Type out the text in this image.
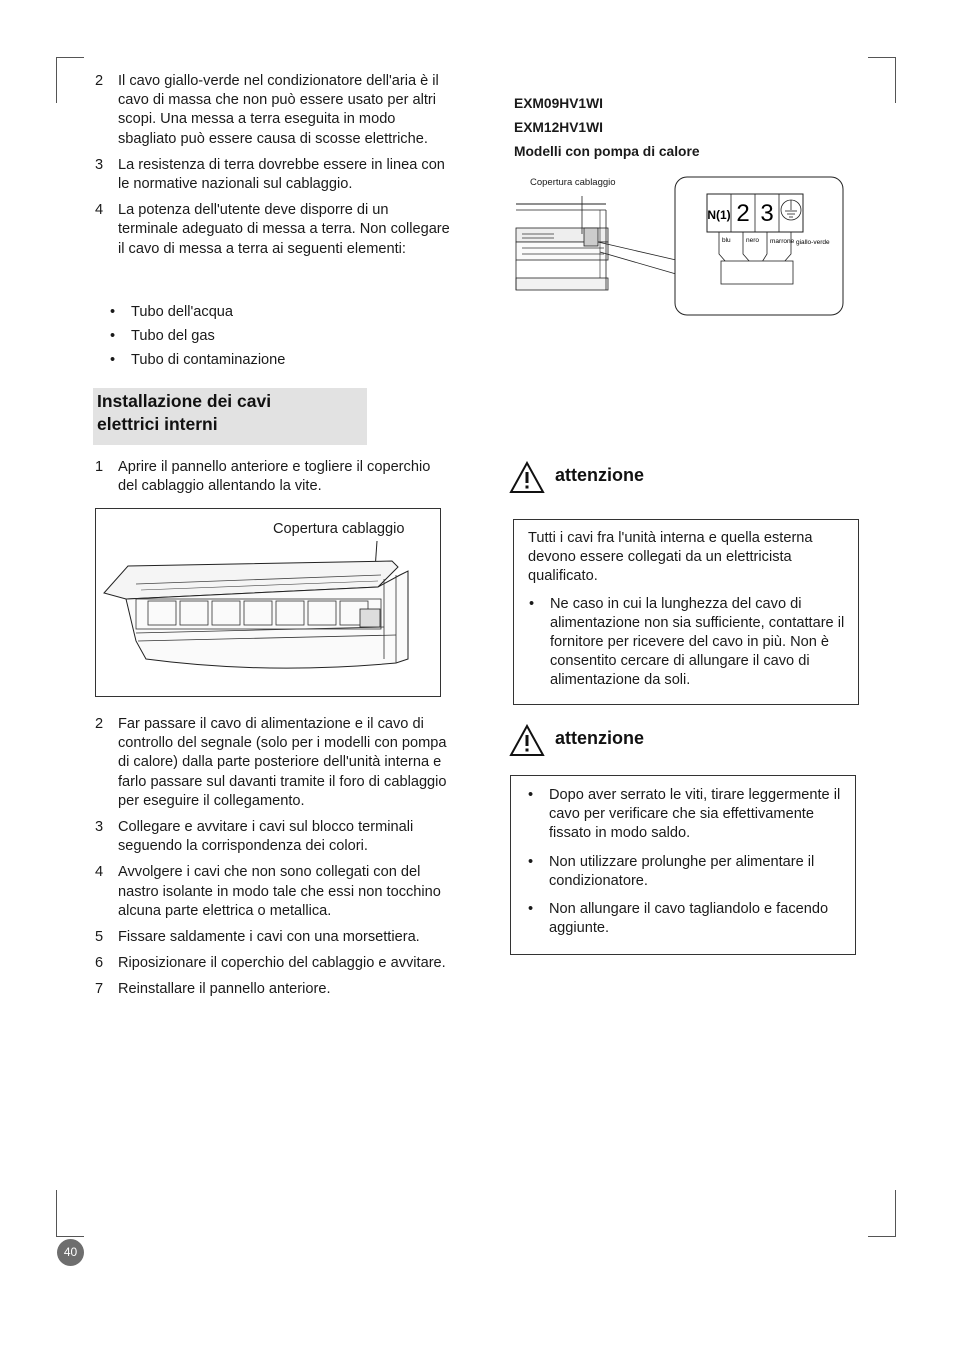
2 Il cavo giallo-verde nel condizionatore dell'aria è il cavo di massa che non può essere usato per altri scopi. Una messa a terra eseguita in modo sbagliato può essere causa di scosse elettriche.
3 La resistenza di terra dovrebbe essere in linea con le normative nazionali sul cablaggio.
4 La potenza dell'utente deve disporre di un terminale adeguato di messa a terra. Non collegare il cavo di messa a terra ai seguenti elementi:
• Tubo dell'acqua
• Tubo del gas
• Tubo di contaminazione
Installazione dei cavi
elettrici interni
1 Aprire il pannello anteriore e togliere il coperchio del cablaggio allentando la vite.
Copertura cablaggio
2 Far passare il cavo di alimentazione e il cavo di controllo del segnale (solo per i modelli con pompa di calore) dalla parte posteriore dell'unità interna e farlo passare sul davanti tramite il foro di cablaggio per eseguire il collegamento.
3 Collegare e avvitare i cavi sul blocco terminali seguendo la corrispondenza dei colori.
4 Avvolgere i cavi che non sono collegati con del nastro isolante in modo tale che essi non tocchino alcuna parte elettrica o metallica.
5 Fissare saldamente i cavi con una morsettiera.
6 Riposizionare il coperchio del cablaggio e avvitare.
7 Reinstallare il pannello anteriore.
EXM09HV1WI
EXM12HV1WI
Modelli con pompa di calore
Copertura cablaggio
N(1) 2 3
blu nero marrone giallo-verde
attenzione
Tutti i cavi fra l'unità interna e quella esterna devono essere collegati da un elettricista qualificato.
• Ne caso in cui la lunghezza del cavo di alimentazione non sia sufficiente, contattare il fornitore per ricevere del cavo in più. Non è consentito cercare di allungare il cavo di alimentazione da soli.
attenzione
• Dopo aver serrato le viti, tirare leggermente il cavo per verificare che sia effettivamente fissato in modo saldo.
• Non utilizzare prolunghe per alimentare il condizionatore.
• Non allungare il cavo tagliandolo e facendo aggiunte.
40
